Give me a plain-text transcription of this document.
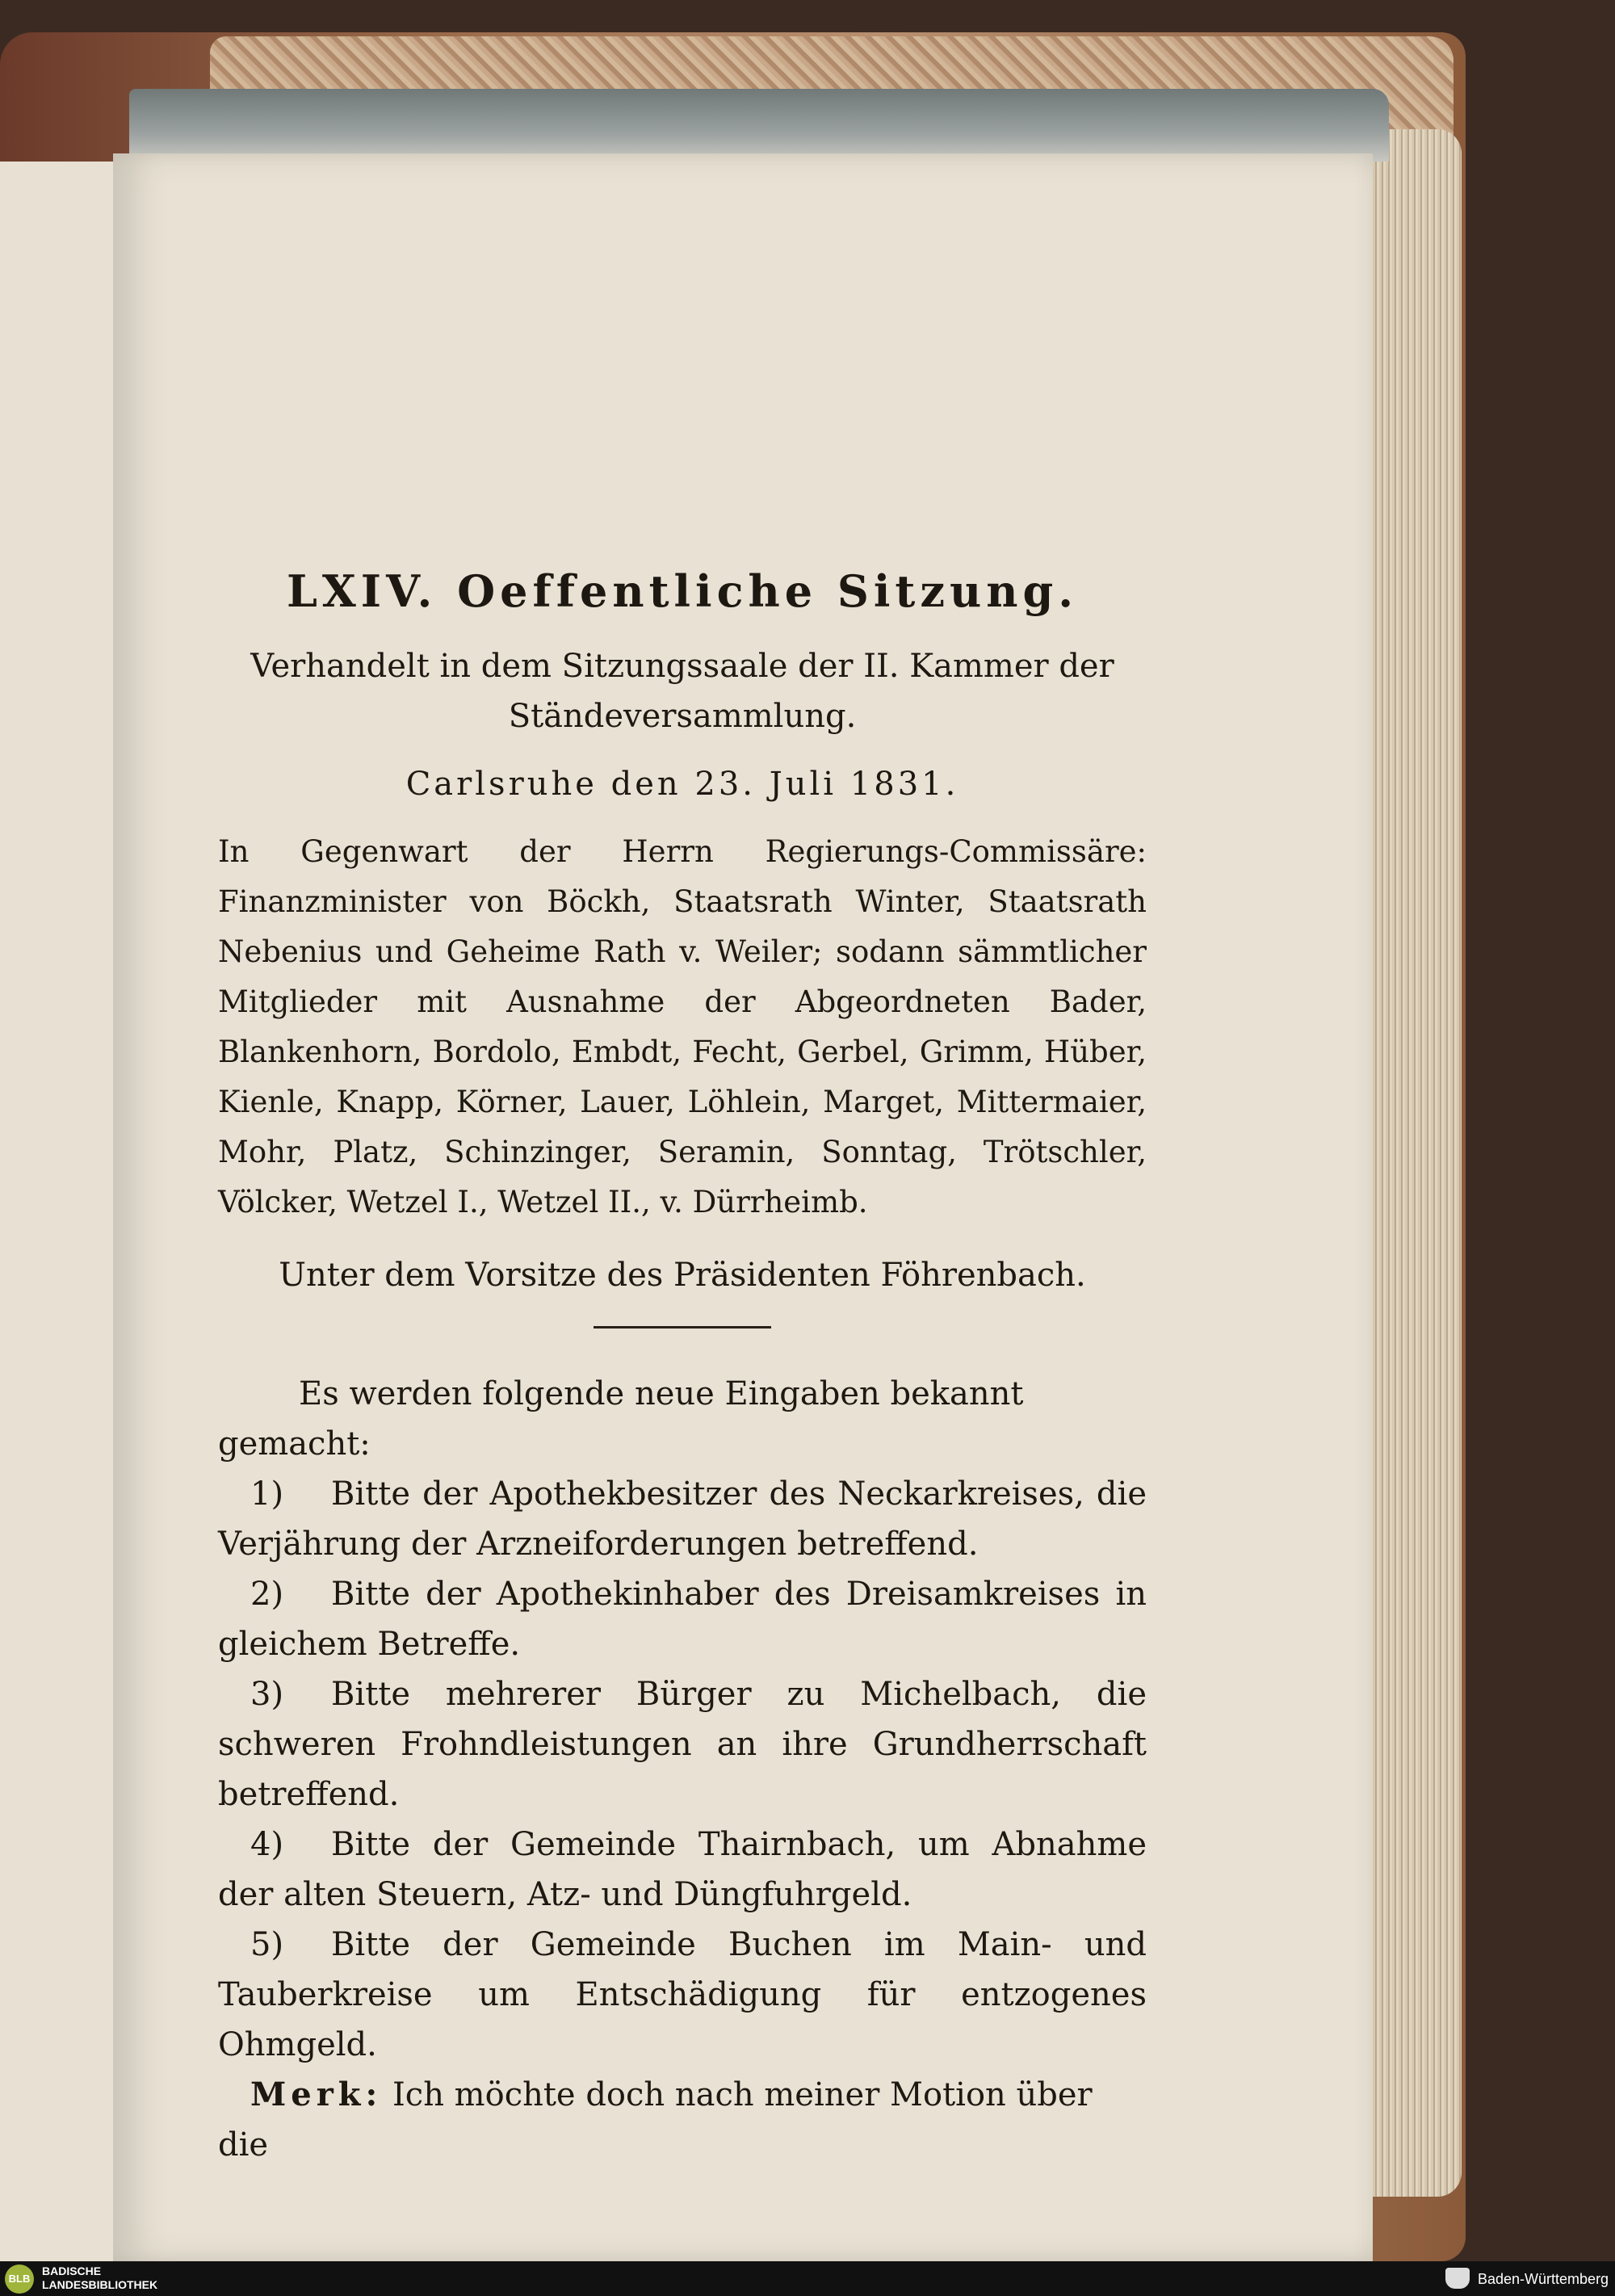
LXIV. Oeffentliche Sitzung.

Verhandelt in dem Sitzungssaale der II. Kammer der Ständeversammlung.

Carlsruhe den 23. Juli 1831.

In Gegenwart der Herrn Regierungs-Commissäre: Finanzminister von Böckh, Staatsrath Winter, Staatsrath Nebenius und Geheime Rath v. Weiler; sodann sämmtlicher Mitglieder mit Ausnahme der Abgeordneten Bader, Blankenhorn, Bordolo, Embdt, Fecht, Gerbel, Grimm, Hüber, Kienle, Knapp, Körner, Lauer, Löhlein, Marget, Mittermaier, Mohr, Platz, Schinzinger, Seramin, Sonntag, Trötschler, Völcker, Wetzel I., Wetzel II., v. Dürrheimb.

Unter dem Vorsitze des Präsidenten Föhrenbach.

Es werden folgende neue Eingaben bekannt gemacht:

1) Bitte der Apothekbesitzer des Neckarkreises, die Verjährung der Arzneiforderungen betreffend.

2) Bitte der Apothekinhaber des Dreisamkreises in gleichem Betreffe.

3) Bitte mehrerer Bürger zu Michelbach, die schweren Frohndleistungen an ihre Grundherrschaft betreffend.

4) Bitte der Gemeinde Thairnbach, um Abnahme der alten Steuern, Atz- und Düngfuhrgeld.

5) Bitte der Gemeinde Buchen im Main- und Tauberkreise um Entschädigung für entzogenes Ohmgeld.

Merk: Ich möchte doch nach meiner Motion über die

BLB
BADISCHE
LANDESBIBLIOTHEK	Baden-Württemberg
